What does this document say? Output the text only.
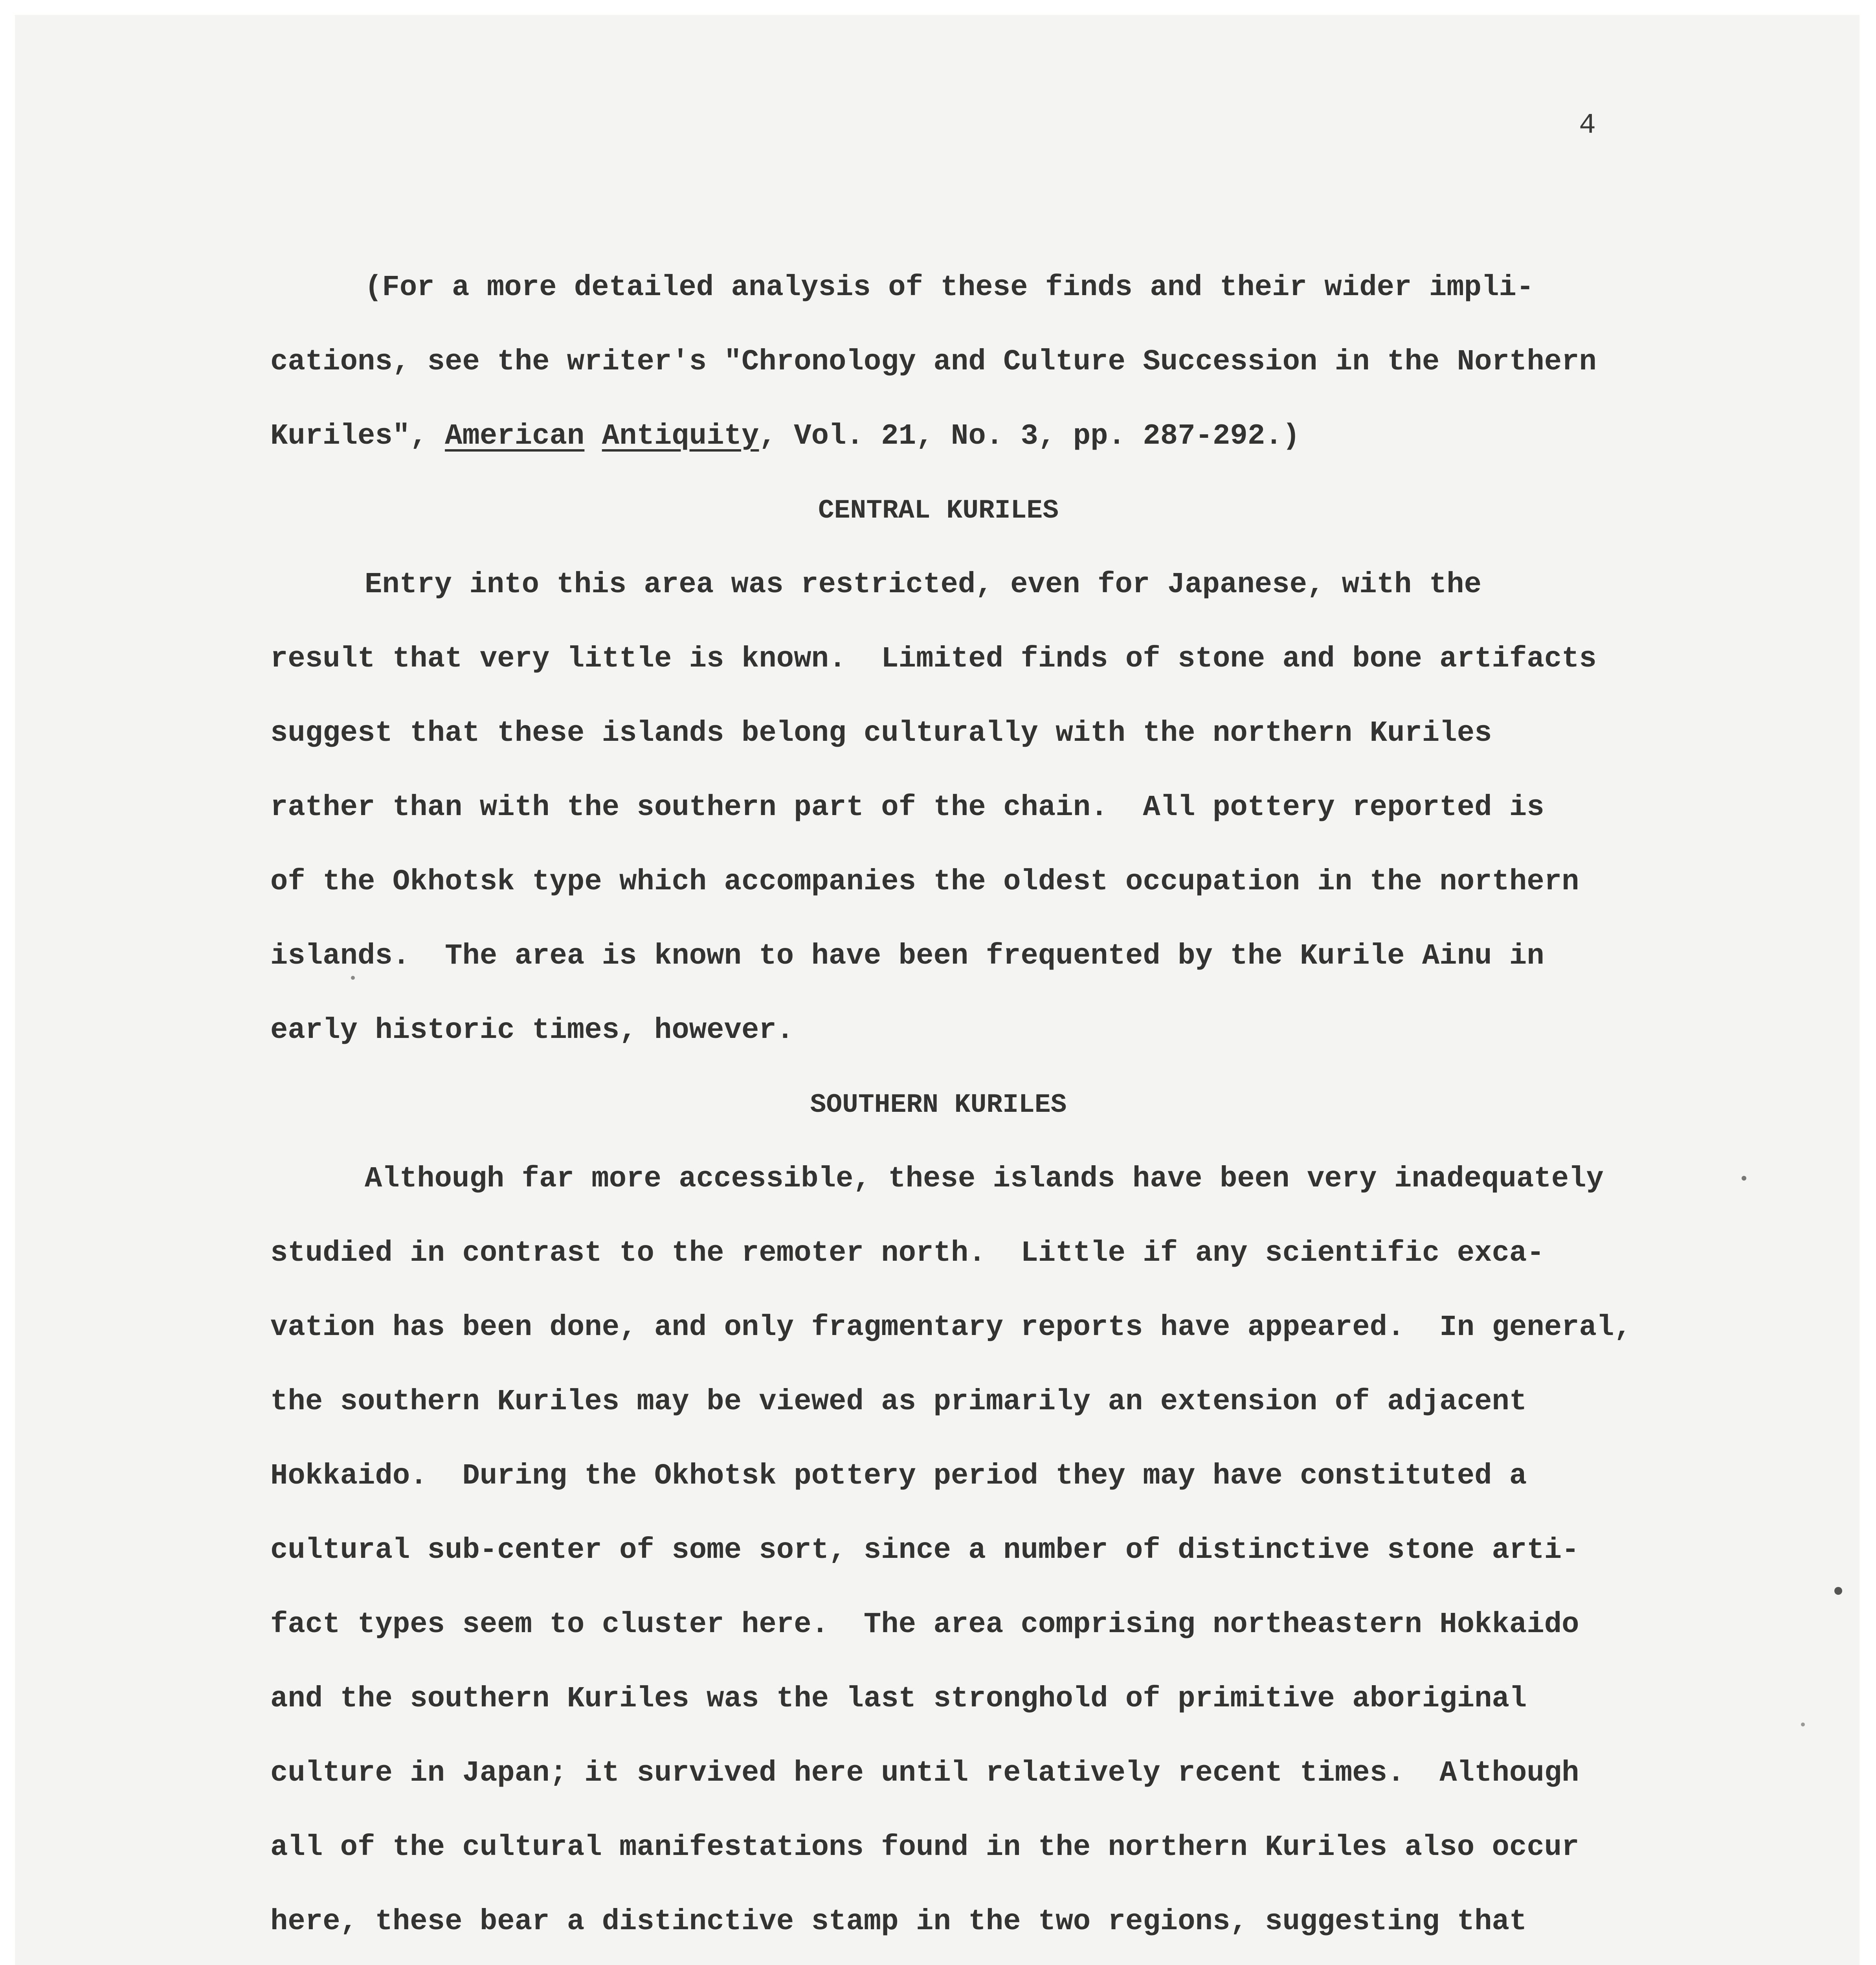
4
(For a more detailed analysis of these finds and their wider impli-
cations, see the writer's "Chronology and Culture Succession in the Northern
Kuriles", American Antiquity, Vol. 21, No. 3, pp. 287-292.)
CENTRAL KURILES
Entry into this area was restricted, even for Japanese, with the
result that very little is known.  Limited finds of stone and bone artifacts
suggest that these islands belong culturally with the northern Kuriles
rather than with the southern part of the chain.  All pottery reported is
of the Okhotsk type which accompanies the oldest occupation in the northern
islands.  The area is known to have been frequented by the Kurile Ainu in
early historic times, however.
SOUTHERN KURILES
Although far more accessible, these islands have been very inadequately
studied in contrast to the remoter north.  Little if any scientific exca-
vation has been done, and only fragmentary reports have appeared.  In general,
the southern Kuriles may be viewed as primarily an extension of adjacent
Hokkaido.  During the Okhotsk pottery period they may have constituted a
cultural sub-center of some sort, since a number of distinctive stone arti-
fact types seem to cluster here.  The area comprising northeastern Hokkaido
and the southern Kuriles was the last stronghold of primitive aboriginal
culture in Japan; it survived here until relatively recent times.  Although
all of the cultural manifestations found in the northern Kuriles also occur
here, these bear a distinctive stamp in the two regions, suggesting that
